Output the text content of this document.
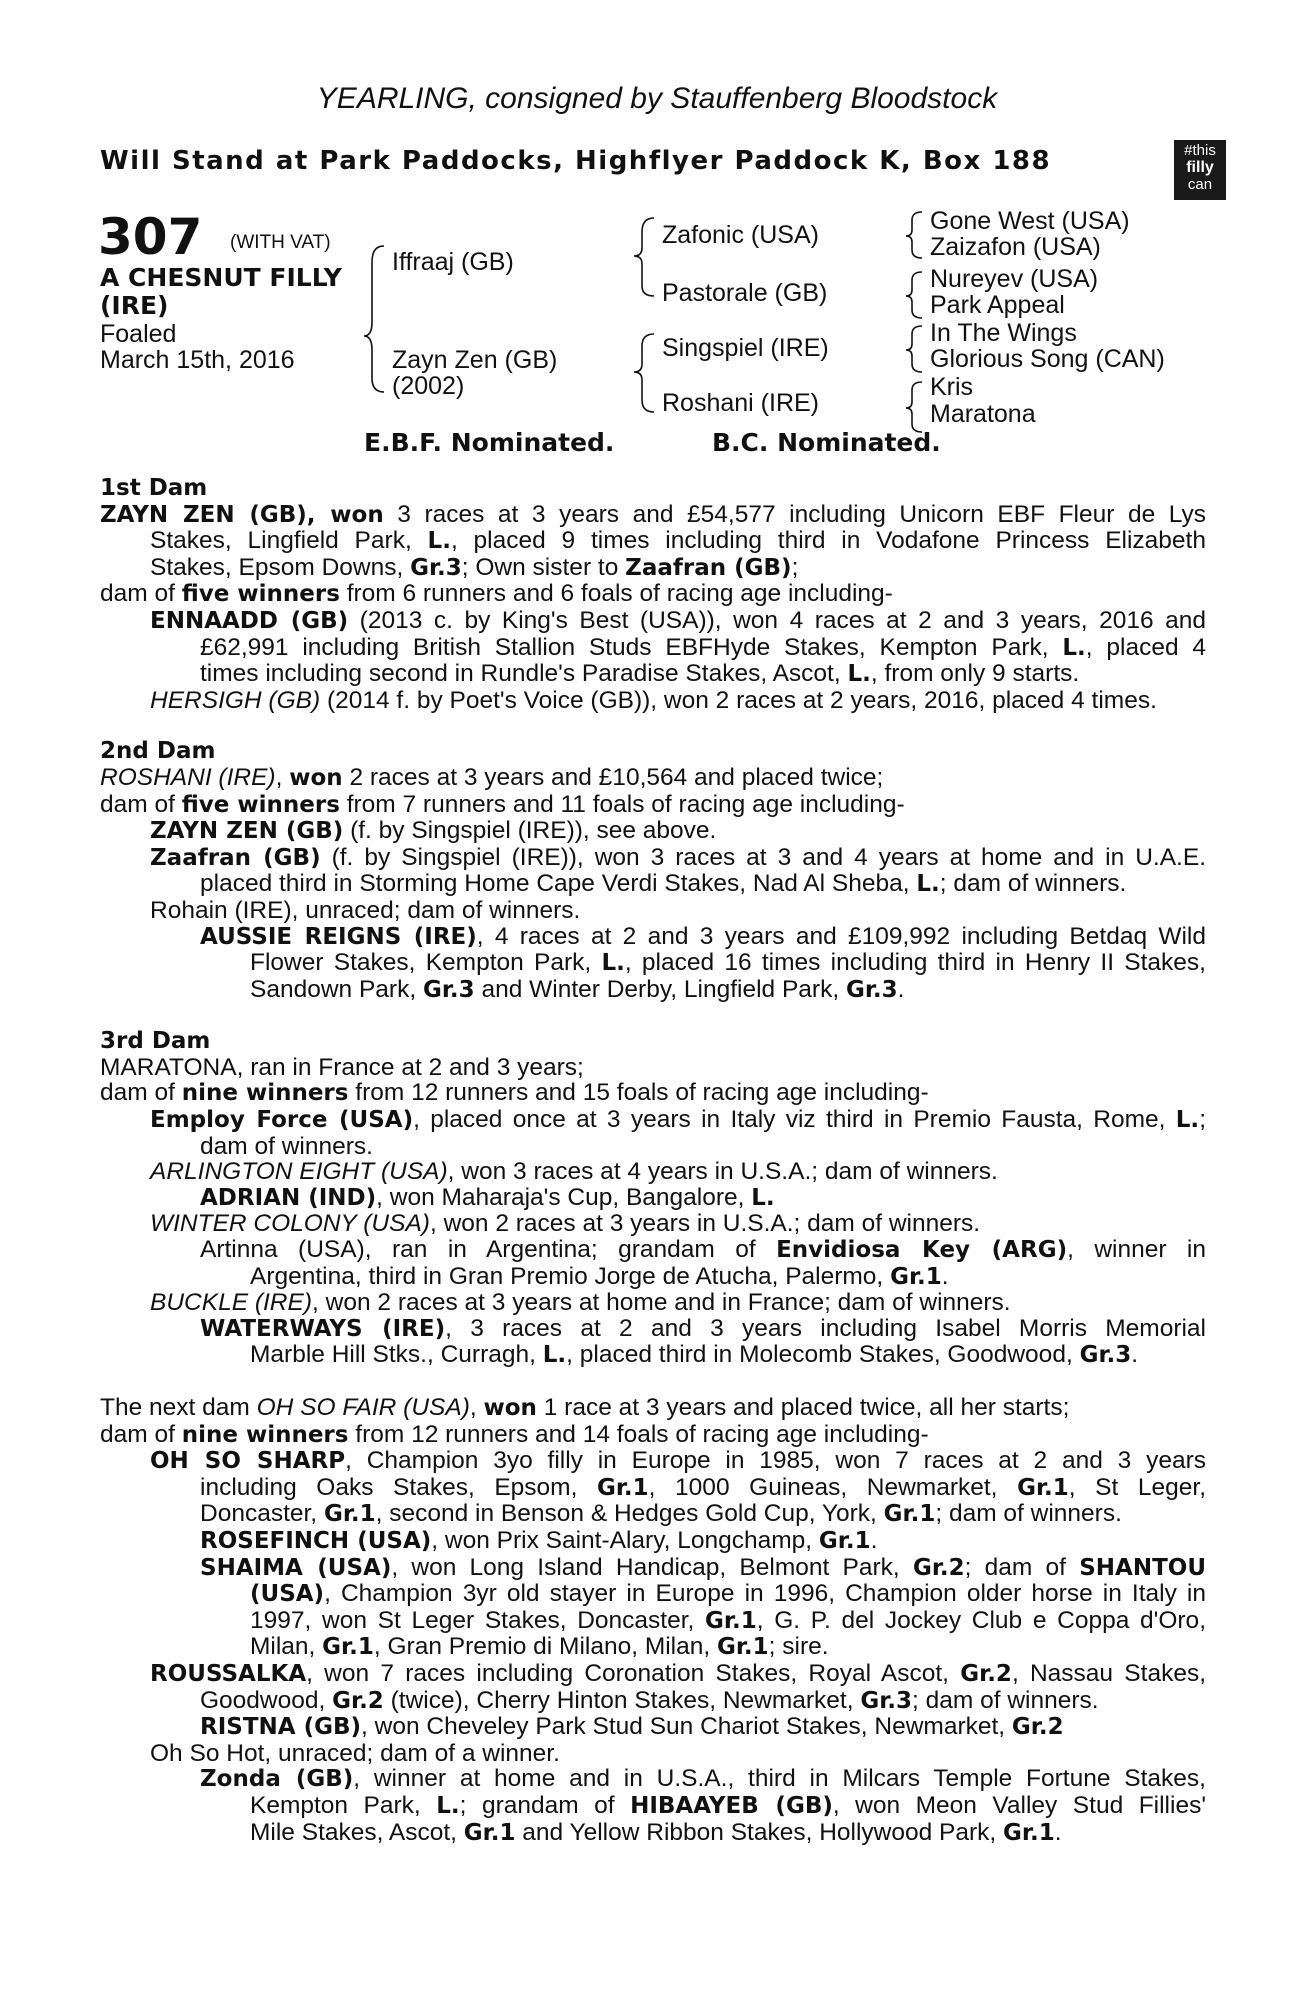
YEARLING, consigned by Stauffenberg Bloodstock
Will Stand at Park Paddocks, Highflyer Paddock K, Box 188	#this
filly
can
307 (WITH VAT)
A CHESNUT FILLY
(IRE)
Foaled
March 15th, 2016
Iffraaj (GB)
Zayn Zen (GB)
(2002)
Zafonic (USA)
Pastorale (GB)
Singspiel (IRE)
Roshani (IRE)
Gone West (USA)
Zaizafon (USA)
Nureyev (USA)
Park Appeal
In The Wings
Glorious Song (CAN)
Kris
Maratona
E.B.F. Nominated.	B.C. Nominated.
1st Dam
ZAYN ZEN (GB), won 3 races at 3 years and £54,577 including Unicorn EBF Fleur de Lys
Stakes, Lingfield Park, L., placed 9 times including third in Vodafone Princess Elizabeth
Stakes, Epsom Downs, Gr.3; Own sister to Zaafran (GB);
dam of five winners from 6 runners and 6 foals of racing age including-
ENNAADD (GB) (2013 c. by King's Best (USA)), won 4 races at 2 and 3 years, 2016 and
£62,991 including British Stallion Studs EBFHyde Stakes, Kempton Park, L., placed 4
times including second in Rundle's Paradise Stakes, Ascot, L., from only 9 starts.
HERSIGH (GB) (2014 f. by Poet's Voice (GB)), won 2 races at 2 years, 2016, placed 4 times.
2nd Dam
ROSHANI (IRE), won 2 races at 3 years and £10,564 and placed twice;
dam of five winners from 7 runners and 11 foals of racing age including-
ZAYN ZEN (GB) (f. by Singspiel (IRE)), see above.
Zaafran (GB) (f. by Singspiel (IRE)), won 3 races at 3 and 4 years at home and in U.A.E.
placed third in Storming Home Cape Verdi Stakes, Nad Al Sheba, L.; dam of winners.
Rohain (IRE), unraced; dam of winners.
AUSSIE REIGNS (IRE), 4 races at 2 and 3 years and £109,992 including Betdaq Wild
Flower Stakes, Kempton Park, L., placed 16 times including third in Henry II Stakes,
Sandown Park, Gr.3 and Winter Derby, Lingfield Park, Gr.3.
3rd Dam
MARATONA, ran in France at 2 and 3 years;
dam of nine winners from 12 runners and 15 foals of racing age including-
Employ Force (USA), placed once at 3 years in Italy viz third in Premio Fausta, Rome, L.;
dam of winners.
ARLINGTON EIGHT (USA), won 3 races at 4 years in U.S.A.; dam of winners.
ADRIAN (IND), won Maharaja's Cup, Bangalore, L.
WINTER COLONY (USA), won 2 races at 3 years in U.S.A.; dam of winners.
Artinna (USA), ran in Argentina; grandam of Envidiosa Key (ARG), winner in
Argentina, third in Gran Premio Jorge de Atucha, Palermo, Gr.1.
BUCKLE (IRE), won 2 races at 3 years at home and in France; dam of winners.
WATERWAYS (IRE), 3 races at 2 and 3 years including Isabel Morris Memorial
Marble Hill Stks., Curragh, L., placed third in Molecomb Stakes, Goodwood, Gr.3.
The next dam OH SO FAIR (USA), won 1 race at 3 years and placed twice, all her starts;
dam of nine winners from 12 runners and 14 foals of racing age including-
OH SO SHARP, Champion 3yo filly in Europe in 1985, won 7 races at 2 and 3 years
including Oaks Stakes, Epsom, Gr.1, 1000 Guineas, Newmarket, Gr.1, St Leger,
Doncaster, Gr.1, second in Benson & Hedges Gold Cup, York, Gr.1; dam of winners.
ROSEFINCH (USA), won Prix Saint-Alary, Longchamp, Gr.1.
SHAIMA (USA), won Long Island Handicap, Belmont Park, Gr.2; dam of SHANTOU
(USA), Champion 3yr old stayer in Europe in 1996, Champion older horse in Italy in
1997, won St Leger Stakes, Doncaster, Gr.1, G. P. del Jockey Club e Coppa d'Oro,
Milan, Gr.1, Gran Premio di Milano, Milan, Gr.1; sire.
ROUSSALKA, won 7 races including Coronation Stakes, Royal Ascot, Gr.2, Nassau Stakes,
Goodwood, Gr.2 (twice), Cherry Hinton Stakes, Newmarket, Gr.3; dam of winners.
RISTNA (GB), won Cheveley Park Stud Sun Chariot Stakes, Newmarket, Gr.2
Oh So Hot, unraced; dam of a winner.
Zonda (GB), winner at home and in U.S.A., third in Milcars Temple Fortune Stakes,
Kempton Park, L.; grandam of HIBAAYEB (GB), won Meon Valley Stud Fillies'
Mile Stakes, Ascot, Gr.1 and Yellow Ribbon Stakes, Hollywood Park, Gr.1.
